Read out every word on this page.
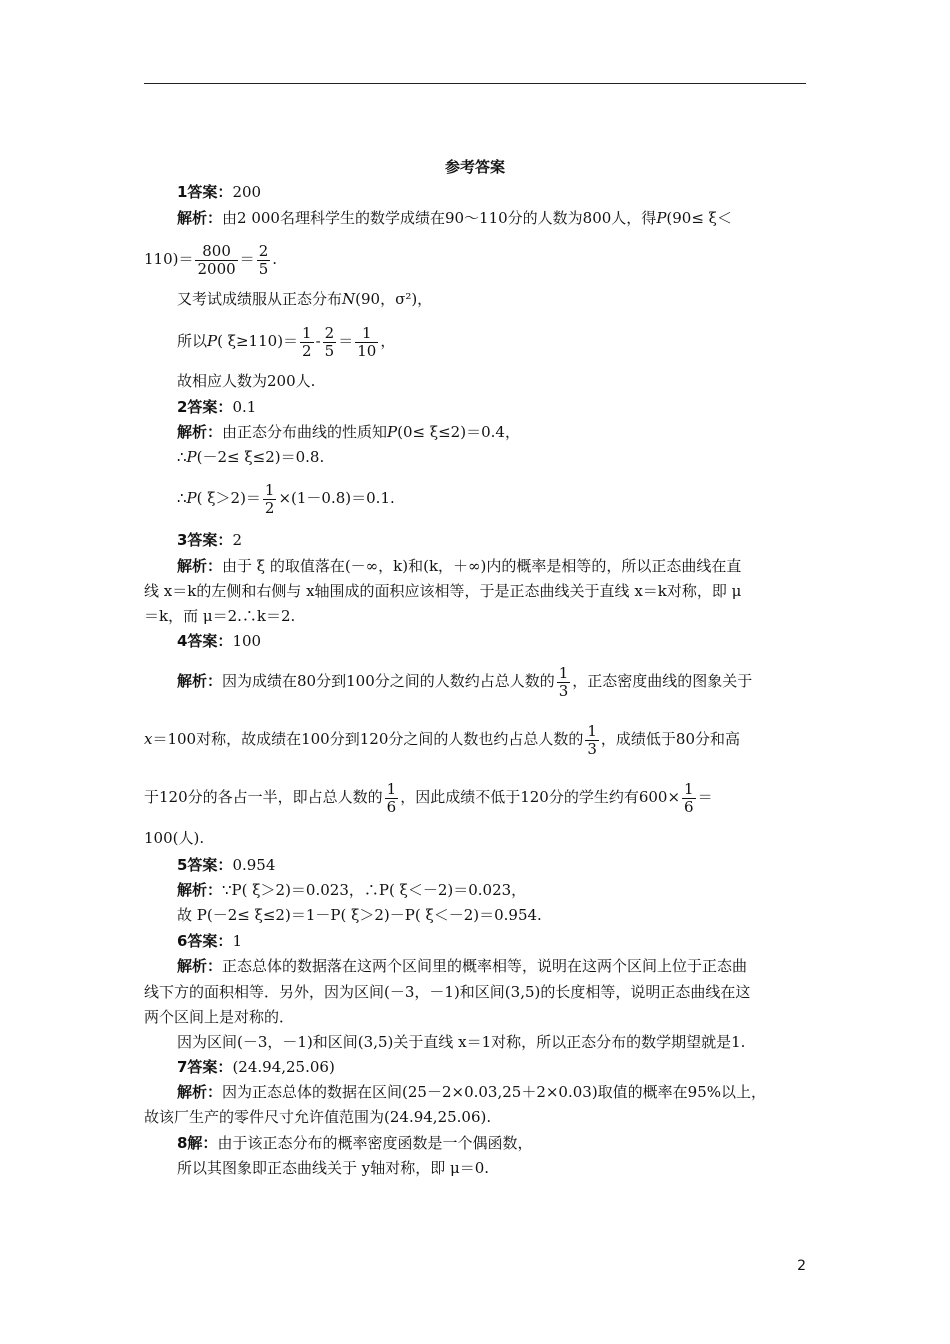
参考答案
1答案：200
解析：由2 000名理科学生的数学成绩在90～110分的人数为800人，得P(90≤ ξ＜
$110)= \frac{800}{2000} = \frac{2}{5}$ .
又考试成绩服从正态分布N(90，σ²)，
所以P( $\xi\ge 110)= \frac{1}{2} - \frac{2}{5} = \frac{1}{10}$ ，
故相应人数为200人.
2答案：0.1
解析：由正态分布曲线的性质知P(0≤ ξ≤2)＝0.4，
∴P(－2≤ ξ≤2)＝0.8.
∴P( $\xi>2)= \frac{1}{2} \times(1-0.8)=0.1$.
3答案：2
解析：由于 ξ 的取值落在(－∞，k)和(k，＋∞)内的概率是相等的，所以正态曲线在直
线 x＝k的左侧和右侧与 x轴围成的面积应该相等，于是正态曲线关于直线 x＝k对称，即 μ
＝k，而 μ＝2.∴k＝2.
4答案：100
解析：因为成绩在80分到100分之间的人数约占总人数的 $\frac{1}{3}$ ，正态密度曲线的图象关于
x＝100对称，故成绩在100分到120分之间的人数也约占总人数的 $\frac{1}{3}$ ，成绩低于80分和高
于120分的各占一半，即占总人数的 $\frac{1}{6}$ ，因此成绩不低于120分的学生约有$600\times \frac{1}{6}$ ＝
100(人).
5答案：0.954
解析：∵P( ξ＞2)＝0.023，∴P( ξ＜－2)＝0.023，
故 P(－2≤ ξ≤2)＝1－P( ξ＞2)－P( ξ＜－2)＝0.954.
6答案：1
解析：正态总体的数据落在这两个区间里的概率相等，说明在这两个区间上位于正态曲
线下方的面积相等．另外，因为区间(－3，－1)和区间(3,5)的长度相等，说明正态曲线在这
两个区间上是对称的．
因为区间(－3，－1)和区间(3,5)关于直线 x＝1对称，所以正态分布的数学期望就是1.
7答案：(24.94,25.06)
解析：因为正态总体的数据在区间(25－2×0.03,25＋2×0.03)取值的概率在95%以上，
故该厂生产的零件尺寸允许值范围为(24.94,25.06).
8解：由于该正态分布的概率密度函数是一个偶函数，
所以其图象即正态曲线关于 y轴对称，即 μ＝0.
2
